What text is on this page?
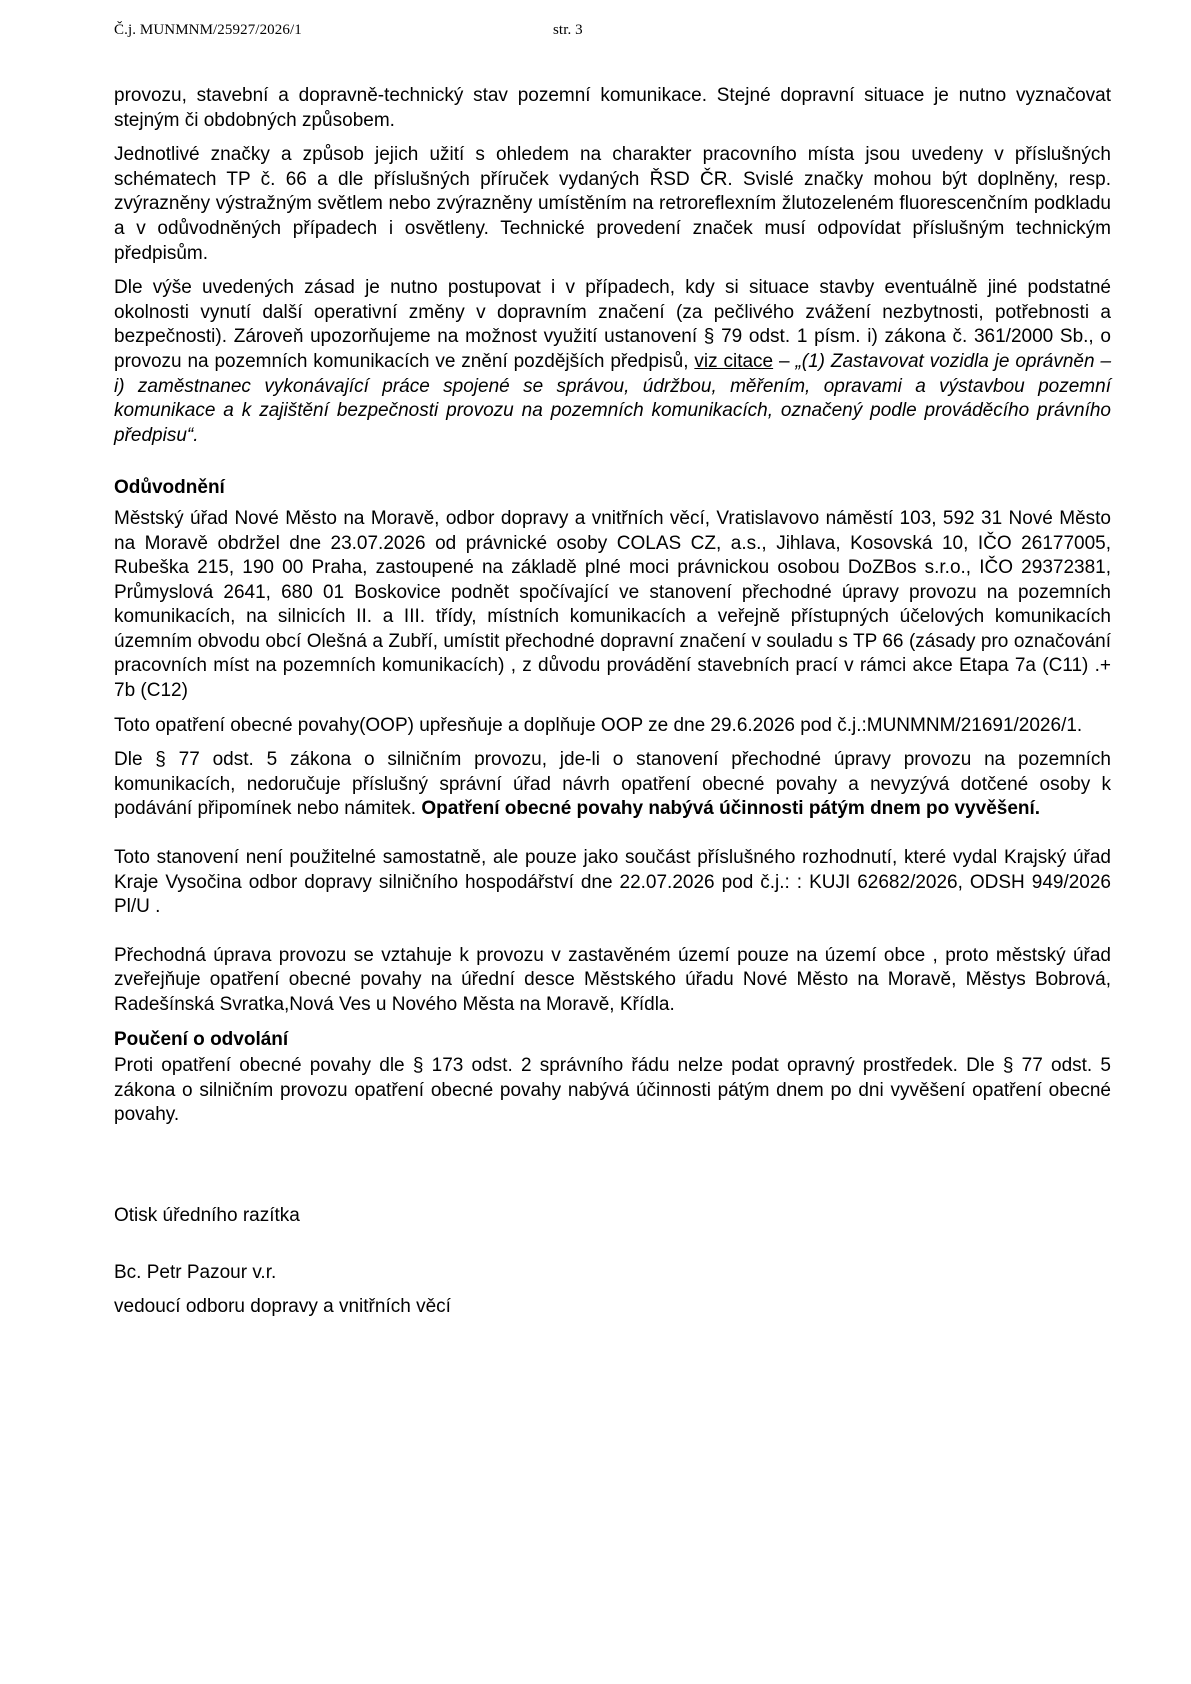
Č.j. MUNMNM/25927/2026/1	str. 3

provozu, stavební a dopravně-technický stav pozemní komunikace. Stejné dopravní situace je nutno vyznačovat stejným či obdobných způsobem.

Jednotlivé značky a způsob jejich užití s ohledem na charakter pracovního místa jsou uvedeny v příslušných schématech TP č. 66 a dle příslušných příruček vydaných ŘSD ČR. Svislé značky mohou být doplněny, resp. zvýrazněny výstražným světlem nebo zvýrazněny umístěním na retroreflexním žlutozeleném fluorescenčním podkladu a v odůvodněných případech i osvětleny. Technické provedení značek musí odpovídat příslušným technickým předpisům.

Dle výše uvedených zásad je nutno postupovat i v případech, kdy si situace stavby eventuálně jiné podstatné okolnosti vynutí další operativní změny v dopravním značení (za pečlivého zvážení nezbytnosti, potřebnosti a bezpečnosti). Zároveň upozorňujeme na možnost využití ustanovení § 79 odst. 1 písm. i) zákona č. 361/2000 Sb., o provozu na pozemních komunikacích ve znění pozdějších předpisů, viz citace – „(1) Zastavovat vozidla je oprávněn – i) zaměstnanec vykonávající práce spojené se správou, údržbou, měřením, opravami a výstavbou pozemní komunikace a k zajištění bezpečnosti provozu na pozemních komunikacích, označený podle prováděcího právního předpisu“.

Odůvodnění

Městský úřad Nové Město na Moravě, odbor dopravy a vnitřních věcí, Vratislavovo náměstí 103, 592 31 Nové Město na Moravě obdržel dne 23.07.2026 od právnické osoby COLAS CZ, a.s., Jihlava, Kosovská 10, IČO 26177005, Rubeška 215, 190 00 Praha, zastoupené na základě plné moci právnickou osobou DoZBos s.r.o., IČO 29372381, Průmyslová 2641, 680 01 Boskovice podnět spočívající ve stanovení přechodné úpravy provozu na pozemních komunikacích, na silnicích II. a III. třídy, místních komunikacích a veřejně přístupných účelových komunikacích územním obvodu obcí Olešná a Zubří, umístit přechodné dopravní značení v souladu s TP 66 (zásady pro označování pracovních míst na pozemních komunikacích) , z důvodu provádění stavebních prací v rámci akce Etapa 7a (C11) .+ 7b (C12)

Toto opatření obecné povahy(OOP) upřesňuje a doplňuje OOP ze dne 29.6.2026 pod č.j.:MUNMNM/21691/2026/1.

Dle § 77 odst. 5 zákona o silničním provozu, jde-li o stanovení přechodné úpravy provozu na pozemních komunikacích, nedoručuje příslušný správní úřad návrh opatření obecné povahy a nevyzývá dotčené osoby k podávání připomínek nebo námitek. Opatření obecné povahy nabývá účinnosti pátým dnem po vyvěšení.

Toto stanovení není použitelné samostatně, ale pouze jako součást příslušného rozhodnutí, které vydal Krajský úřad Kraje Vysočina odbor dopravy silničního hospodářství dne 22.07.2026 pod č.j.: : KUJI 62682/2026, ODSH 949/2026 Pl/U .

Přechodná úprava provozu se vztahuje k provozu v zastavěném území pouze na území obce , proto městský úřad zveřejňuje opatření obecné povahy na úřední desce Městského úřadu Nové Město na Moravě, Městys Bobrová, Radešínská Svratka,Nová Ves u Nového Města na Moravě, Křídla.

Poučení o odvolání

Proti opatření obecné povahy dle § 173 odst. 2 správního řádu nelze podat opravný prostředek. Dle § 77 odst. 5 zákona o silničním provozu opatření obecné povahy nabývá účinnosti pátým dnem po dni vyvěšení opatření obecné povahy.

Otisk úředního razítka

Bc. Petr Pazour v.r.

vedoucí odboru dopravy a vnitřních věcí
